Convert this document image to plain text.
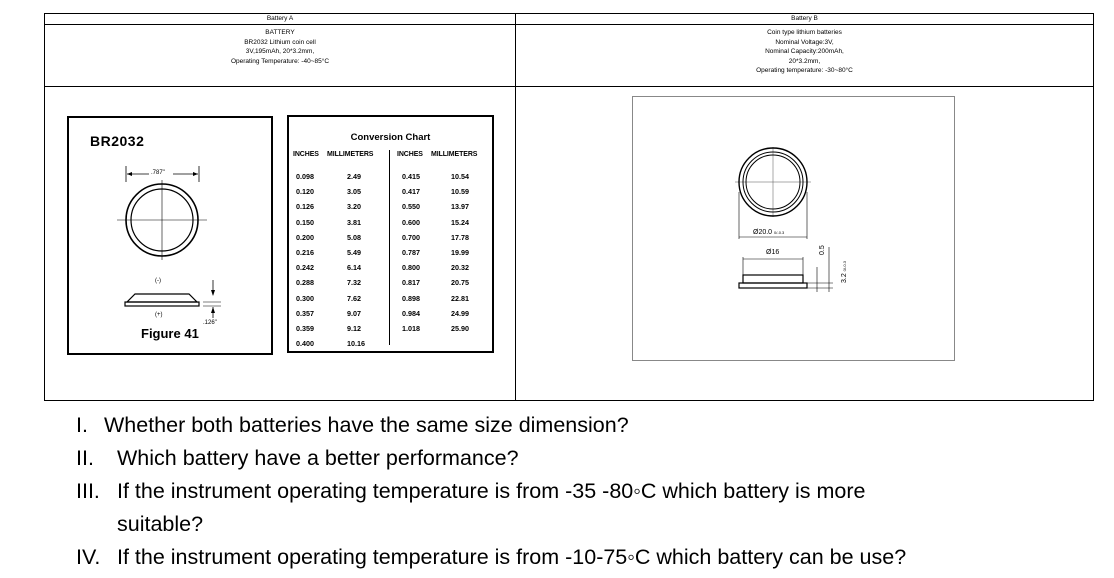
Battery A
BATTERY
BR2032 Lithium coin cell
3V,195mAh, 20*3.2mm,
Operating Temperature: -40~85°C
Battery B
Coin type lithium batteries
Nominal Voltage:3V,
Nominal Capacity:200mAh,
20*3.2mm,
Operating temperature: -30~80°C
BR2032
.787"
(-)
(+)
.126"
Figure 41
Conversion Chart
INCHES MILLIMETERS	INCHES MILLIMETERS
0.098
0.120
0.126
0.150
0.200
0.216
0.242
0.288
0.300
0.357
0.359
0.400
2.49
3.05
3.20
3.81
5.08
5.49
6.14
7.32
7.62
9.07
9.12
10.16
0.415
0.417
0.550
0.600
0.700
0.787
0.800
0.817
0.898
0.984
1.018
10.54
10.59
13.97
15.24
17.78
19.99
20.32
20.75
22.81
24.99
25.90
Ø20.0 0/-0.3
Ø16	0.5
3.2 0/-0.3
I. Whether both batteries have the same size dimension?
II. Which battery have a better performance?
III. If the instrument operating temperature is from -35 -80◦C which battery is more
suitable?
IV. If the instrument operating temperature is from -10-75◦C which battery can be use?
